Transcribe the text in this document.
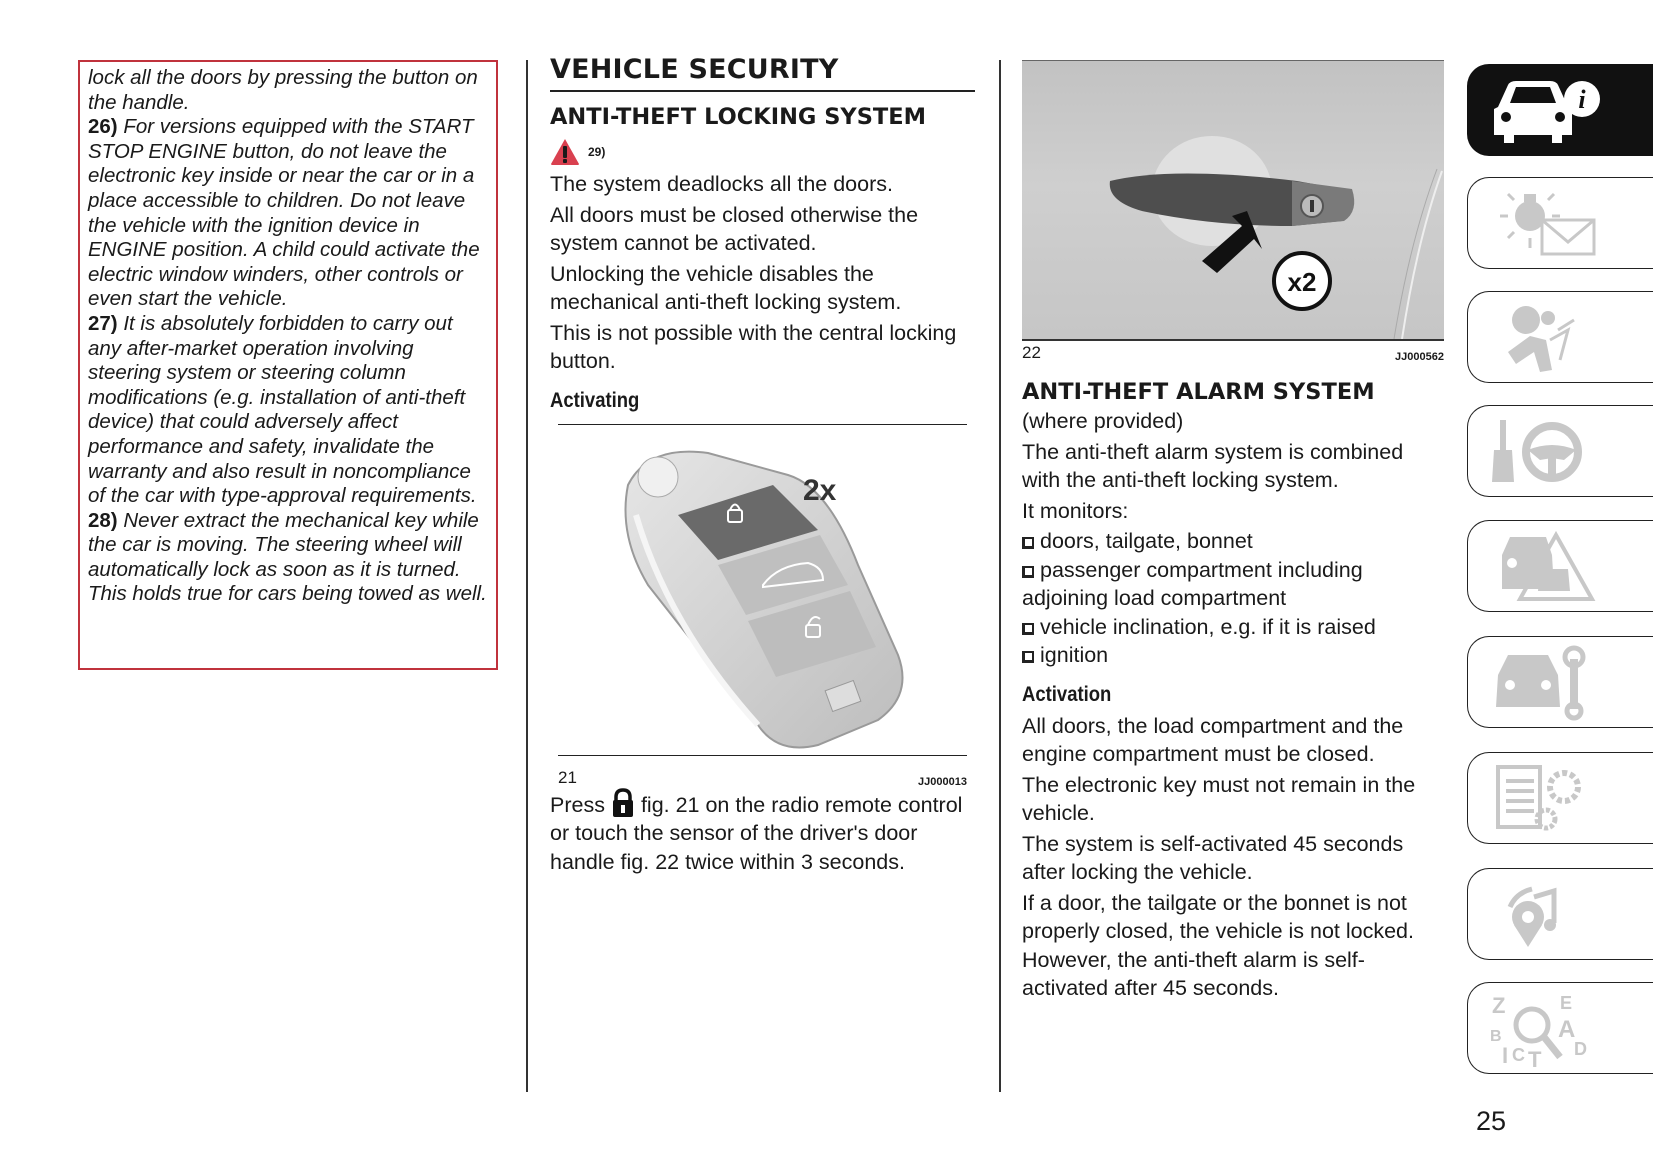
lock all the doors by pressing the button on the handle.
26) For versions equipped with the START STOP ENGINE button, do not leave the electronic key inside or near the car or in a place accessible to children. Do not leave the vehicle with the ignition device in ENGINE position. A child could activate the electric window winders, other controls or even start the vehicle.
27) It is absolutely forbidden to carry out any after-market operation involving steering system or steering column modifications (e.g. installation of anti-theft device) that could adversely affect performance and safety, invalidate the warranty and also result in noncompliance of the car with type-approval requirements.
28) Never extract the mechanical key while the car is moving. The steering wheel will automatically lock as soon as it is turned. This holds true for cars being towed as well.
VEHICLE SECURITY
ANTI-THEFT LOCKING SYSTEM
29)
The system deadlocks all the doors.
All doors must be closed otherwise the system cannot be activated.
Unlocking the vehicle disables the mechanical anti-theft locking system.
This is not possible with the central locking button.
Activating
2x
21	JJ000013
Press fig. 21 on the radio remote control or touch the sensor of the driver's door handle fig. 22 twice within 3 seconds.
x2
22	JJ000562
ANTI-THEFT ALARM SYSTEM
(where provided)
The anti-theft alarm system is combined with the anti-theft locking system.
It monitors:
doors, tailgate, bonnet
passenger compartment including adjoining load compartment
vehicle inclination, e.g. if it is raised
ignition
Activation
All doors, the load compartment and the engine compartment must be closed.
The electronic key must not remain in the vehicle.
The system is self-activated 45 seconds after locking the vehicle.
If a door, the tailgate or the bonnet is not properly closed, the vehicle is not locked. However, the anti-theft alarm is self-activated after 45 seconds.
i
Z
B
I C T
E
A
D
25
